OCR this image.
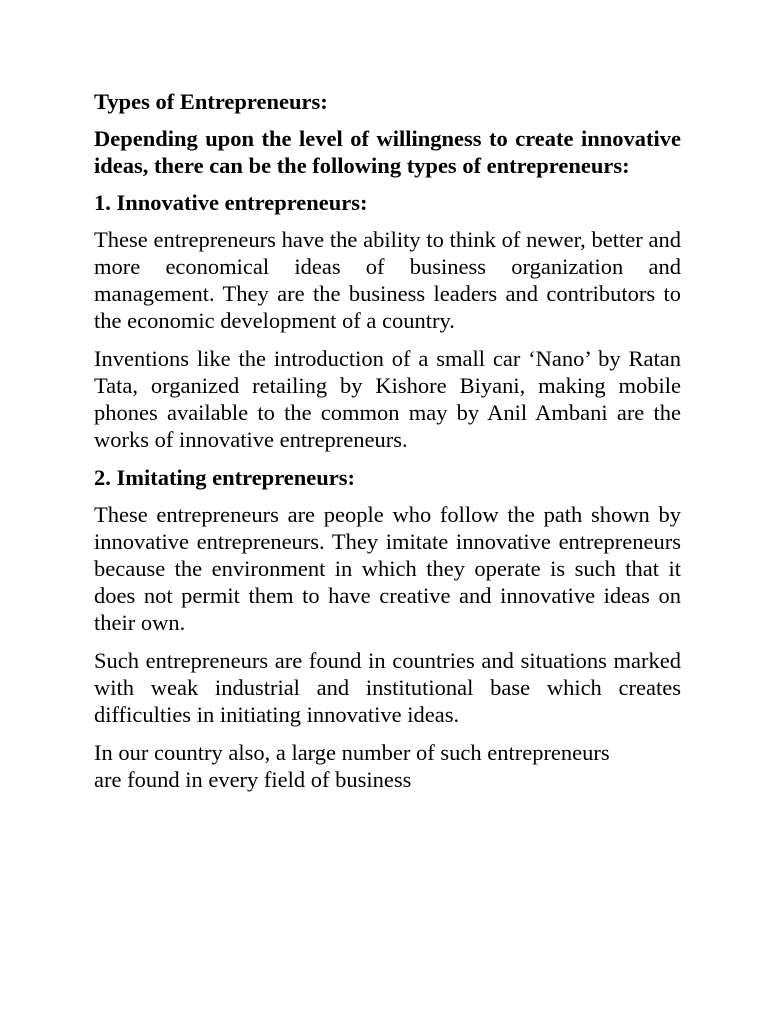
Types of Entrepreneurs:
Depending upon the level of willingness to create innovative ideas, there can be the following types of entrepreneurs:
1. Innovative entrepreneurs:
These entrepreneurs have the ability to think of newer, better and more economical ideas of business organization and management. They are the business leaders and contributors to the economic development of a country.
Inventions like the introduction of a small car ‘Nano’ by Ratan Tata, organized retailing by Kishore Biyani, making mobile phones available to the common may by Anil Ambani are the works of innovative entrepreneurs.
2. Imitating entrepreneurs:
These entrepreneurs are people who follow the path shown by innovative entrepreneurs. They imitate innovative entrepreneurs because the environment in which they operate is such that it does not permit them to have creative and innovative ideas on their own.
Such entrepreneurs are found in countries and situations marked with weak industrial and institutional base which creates difficulties in initiating innovative ideas.
In our country also, a large number of such entrepreneurs are found in every field of business
